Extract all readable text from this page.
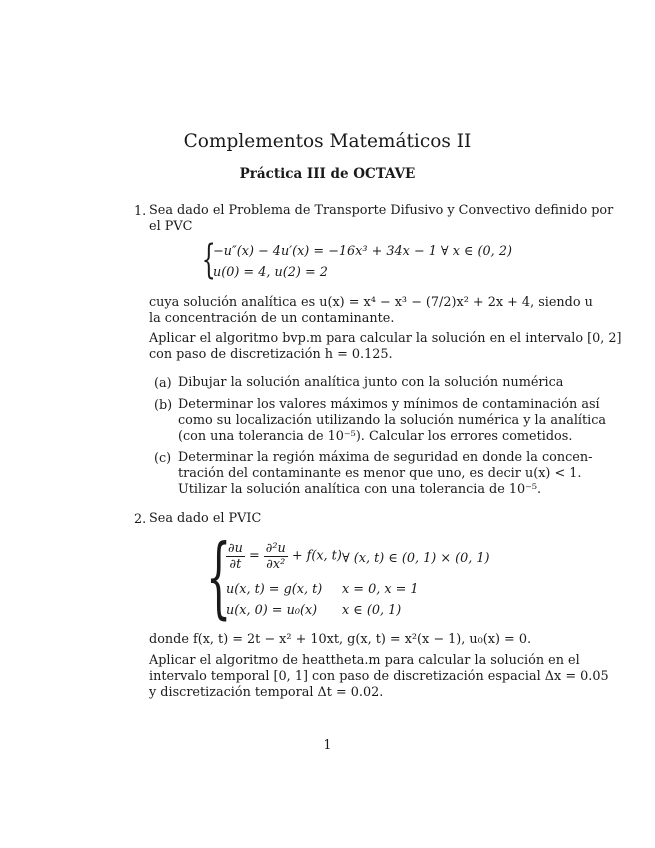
Complementos Matemáticos II
Práctica III de OCTAVE
1. Sea dado el Problema de Transporte Difusivo y Convectivo definido por
el PVC
{
−u″(x) − 4u′(x) = −16x³ + 34x − 1 ∀ x ∈ (0, 2)
u(0) = 4, u(2) = 2
cuya solución analítica es u(x) = x⁴ − x³ − (7/2)x² + 2x + 4, siendo u
la concentración de un contaminante.
Aplicar el algoritmo bvp.m para calcular la solución en el intervalo [0, 2]
con paso de discretización h = 0.125.
(a) Dibujar la solución analítica junto con la solución numérica
(b) Determinar los valores máximos y mínimos de contaminación así
como su localización utilizando la solución numérica y la analítica
(con una tolerancia de 10⁻⁵). Calcular los errores cometidos.
(c) Determinar la región máxima de seguridad en donde la concen-
tración del contaminante es menor que uno, es decir u(x) < 1.
Utilizar la solución analítica con una tolerancia de 10⁻⁵.
2. Sea dado el PVIC
{
$\frac{\partial u}{\partial t} = \frac{\text{∂²u}}{\text{∂x²}} + f(x$, t) ∀ (x, t) ∈ (0, 1) × (0, 1)
u(x, t) = g(x, t) x = 0, x = 1
u(x, 0) = u₀(x) x ∈ (0, 1)
donde f(x, t) = 2t − x² + 10xt, g(x, t) = x²(x − 1), u₀(x) = 0.
Aplicar el algoritmo de heattheta.m para calcular la solución en el
intervalo temporal [0, 1] con paso de discretización espacial Δx = 0.05
y discretización temporal Δt = 0.02.
1
